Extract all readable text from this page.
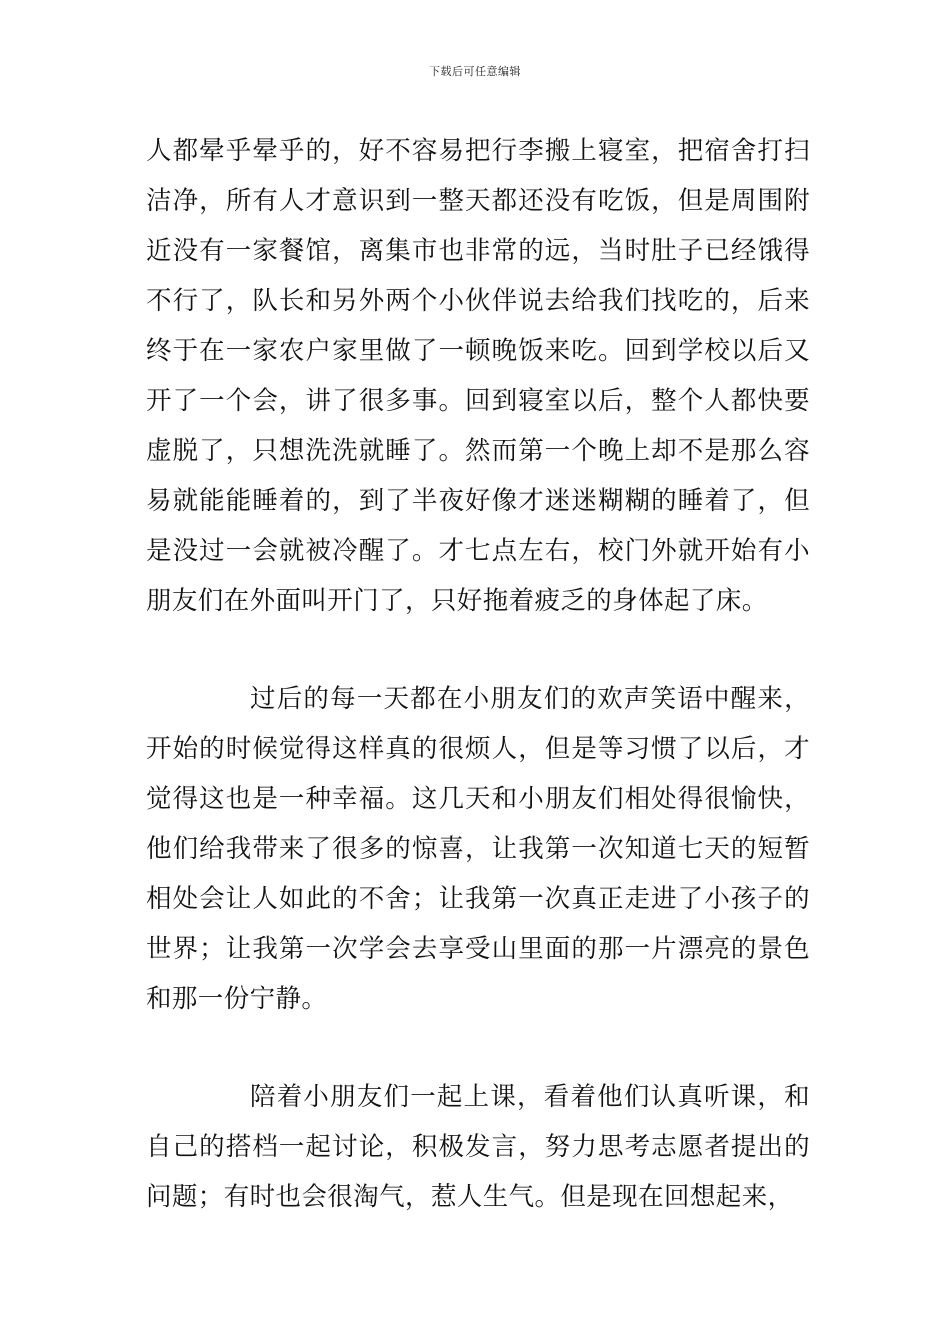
下载后可任意编辑

人都晕乎晕乎的，好不容易把行李搬上寝室，把宿舍打扫洁净，所有人才意识到一整天都还没有吃饭，但是周围附近没有一家餐馆，离集市也非常的远，当时肚子已经饿得不行了，队长和另外两个小伙伴说去给我们找吃的，后来终于在一家农户家里做了一顿晚饭来吃。回到学校以后又开了一个会，讲了很多事。回到寝室以后，整个人都快要虚脱了，只想洗洗就睡了。然而第一个晚上却不是那么容易就能能睡着的，到了半夜好像才迷迷糊糊的睡着了，但是没过一会就被冷醒了。才七点左右，校门外就开始有小朋友们在外面叫开门了，只好拖着疲乏的身体起了床。

过后的每一天都在小朋友们的欢声笑语中醒来，开始的时候觉得这样真的很烦人，但是等习惯了以后，才觉得这也是一种幸福。这几天和小朋友们相处得很愉快，他们给我带来了很多的惊喜，让我第一次知道七天的短暂相处会让人如此的不舍；让我第一次真正走进了小孩子的世界；让我第一次学会去享受山里面的那一片漂亮的景色和那一份宁静。

陪着小朋友们一起上课，看着他们认真听课，和自己的搭档一起讨论，积极发言，努力思考志愿者提出的问题；有时也会很淘气，惹人生气。但是现在回想起来，
